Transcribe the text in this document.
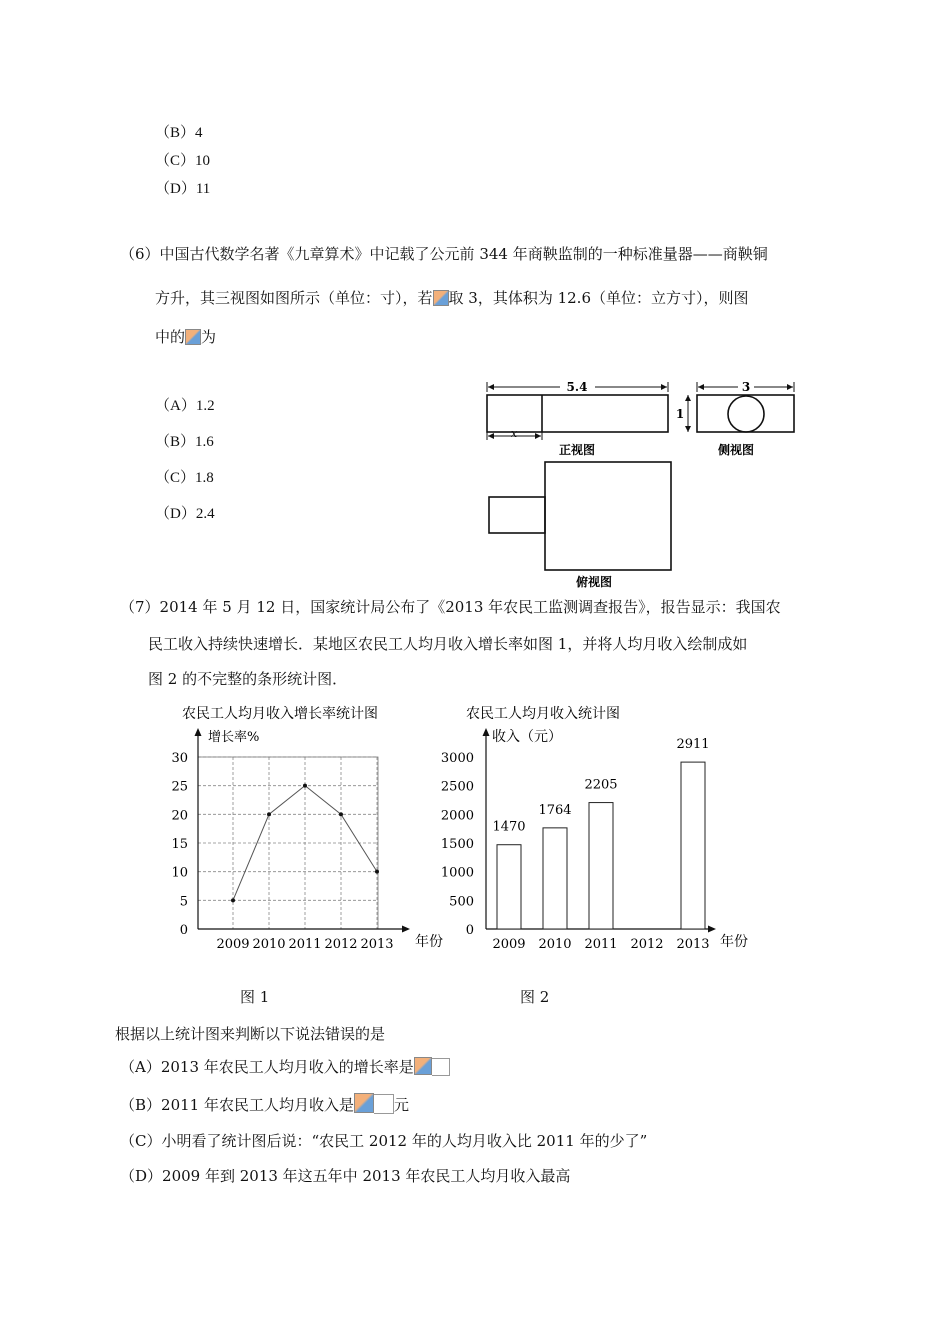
（B）4
（C）10
（D）11
（6）中国古代数学名著《九章算术》中记载了公元前 344 年商鞅监制的一种标准量器——商鞅铜
方升，其三视图如图所示（单位：寸），若 取 3，其体积为 12.6（单位：立方寸），则图
中的 为
（A）1.2
（B）1.6
（C）1.8
（D）2.4
5.4
1
x
正视图
3
侧视图
俯视图
（7）2014 年 5 月 12 日，国家统计局公布了《2013 年农民工监测调查报告》，报告显示：我国农
民工收入持续快速增长．某地区农民工人均月收入增长率如图 1，并将人均月收入绘制成如
图 2 的不完整的条形统计图．
农民工人均月收入增长率统计图
增长率%
年份
0
5
10
15
20
25
30
2009 2010 2011 2012 2013
农民工人均月收入统计图
收入（元）
年份
0
500
1000
1500
2000
2500
3000
2009
1470
2010
1764
2011
2205
2012 2013
2911
图 1	图 2
根据以上统计图来判断以下说法错误的是
（A）2013 年农民工人均月收入的增长率是
（B）2011 年农民工人均月收入是	元
（C）小明看了统计图后说：“农民工 2012 年的人均月收入比 2011 年的少了”
（D）2009 年到 2013 年这五年中 2013 年农民工人均月收入最高
